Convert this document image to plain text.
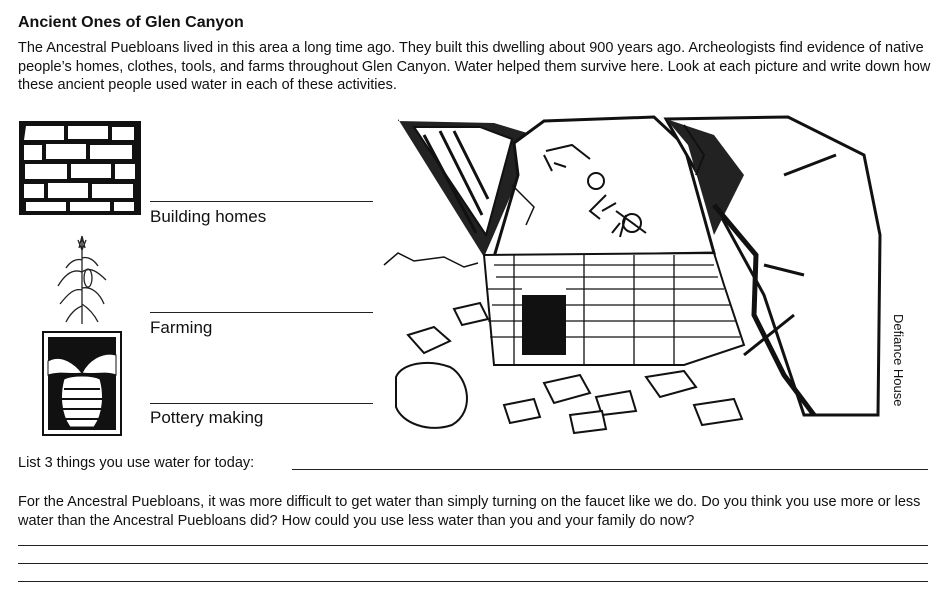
Ancient Ones of Glen Canyon
The Ancestral Puebloans lived in this area a long time ago. They built this dwelling about 900 years ago. Archeologists find evidence of native people’s homes, clothes, tools, and farms throughout Glen Canyon. Water helped them survive here. Look at each picture and write down how these ancient people used water in each of these activities.
Building homes
Farming
Pottery making
Defiance House
List 3 things you use water for today:
For the Ancestral Puebloans, it was more difficult to get water than simply turning on the faucet like we do. Do you think you use more or less water than the Ancestral Puebloans did? How could you use less water than you and your family do now?
